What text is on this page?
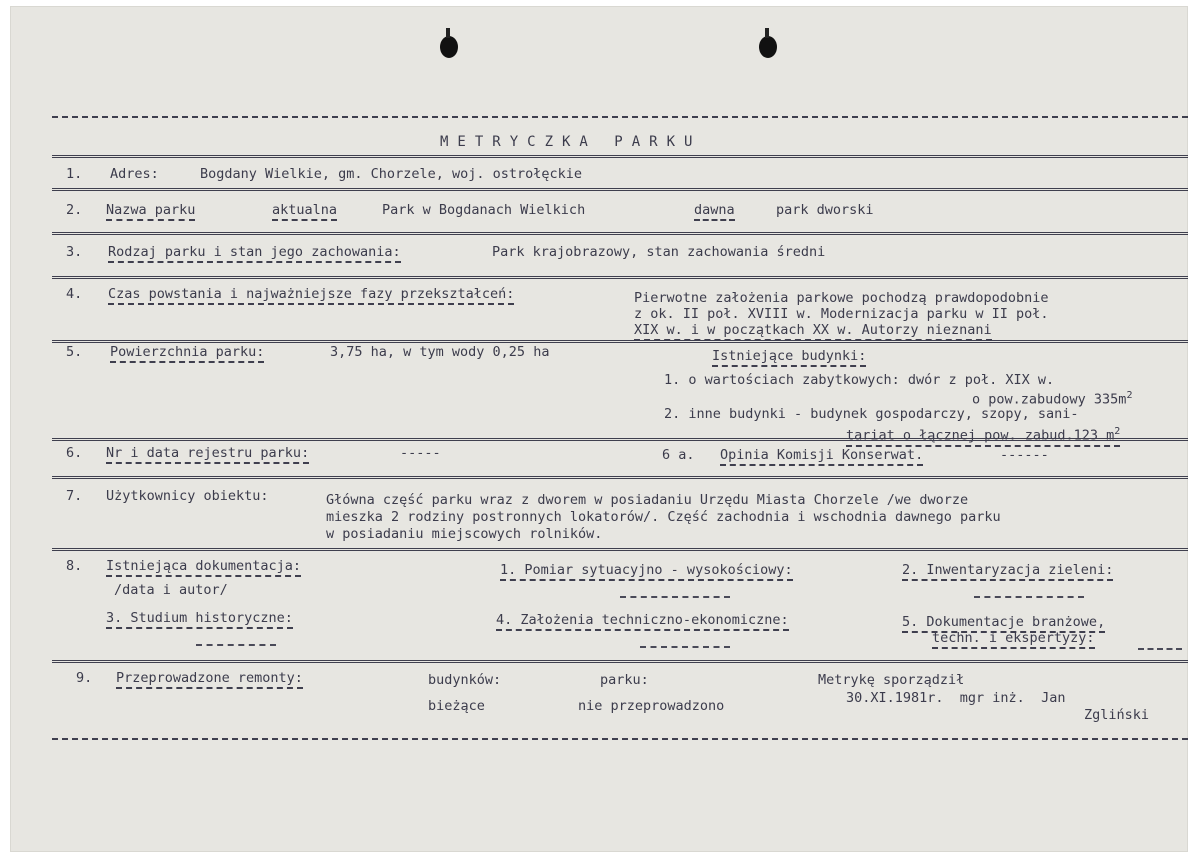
METRYCZKA PARKU
1. Adres:	Bogdany Wielkie, gm. Chorzele, woj. ostrołęckie
2. Nazwa parku	aktualna	Park w Bogdanach Wielkich	dawna	park dworski
3. Rodzaj parku i stan jego zachowania:	Park krajobrazowy, stan zachowania średni
4. Czas powstania i najważniejsze fazy przekształceń:	Pierwotne założenia parkowe pochodzą prawdopodobnie
z ok. II poł. XVIII w. Modernizacja parku w II poł.
XIX w. i w początkach XX w. Autorzy nieznani
5. Powierzchnia parku:	3,75 ha, w tym wody 0,25 ha	Istniejące budynki:
1. o wartościach zabytkowych: dwór z poł. XIX w.
o pow.zabudowy $335m^2$
2. inne budynki - budynek gospodarczy, szopy, sani-
tariat o łącznej pow. zabud.123 $m^2$
6. Nr i data rejestru parku:	-----	6 a. Opinia Komisji Konserwat.	------
7. Użytkownicy obiektu:	Główna część parku wraz z dworem w posiadaniu Urzędu Miasta Chorzele /we dworze
mieszka 2 rodziny postronnych lokatorów/. Część zachodnia i wschodnia dawnego parku
w posiadaniu miejscowych rolników.
8. Istniejąca dokumentacja:
/data i autor/
1. Pomiar sytuacyjno - wysokościowy:	2. Inwentaryzacja zieleni:
3. Studium historyczne:	4. Założenia techniczno-ekonomiczne:	5. Dokumentacje branżowe,
techn. i ekspertyzy:
9. Przeprowadzone remonty:	budynków:
bieżące
parku:
nie przeprowadzono
Metrykę sporządził
30.XI.1981r.  mgr inż.  Jan
Zgliński
